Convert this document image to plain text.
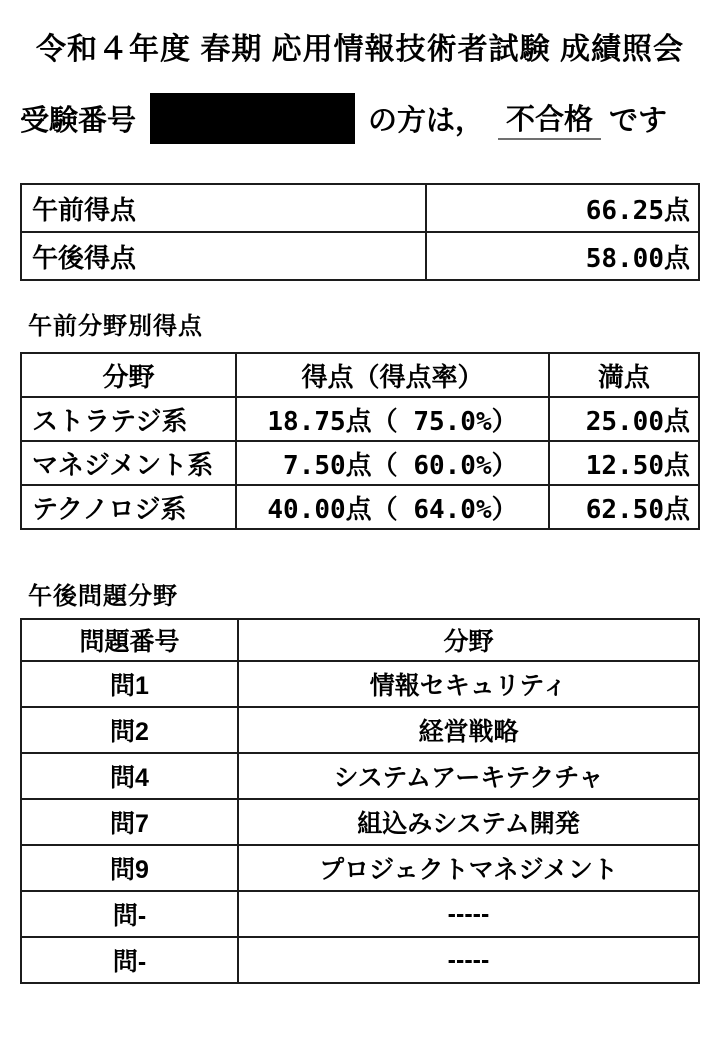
令和４年度 春期 応用情報技術者試験 成績照会
受験番号	の方は， 不合格 です
午前得点	66.25点
午後得点	58.00点
午前分野別得点
分野	得点（得点率）	満点
ストラテジ系	18.75点（ 75.0%）	25.00点
マネジメント系	7.50点（ 60.0%）	12.50点
テクノロジ系	40.00点（ 64.0%）	62.50点
午後問題分野
問題番号	分野
問1	情報セキュリティ
問2	経営戦略
問4	システムアーキテクチャ
問7	組込みシステム開発
問9	プロジェクトマネジメント
問-	-----
問-	-----
